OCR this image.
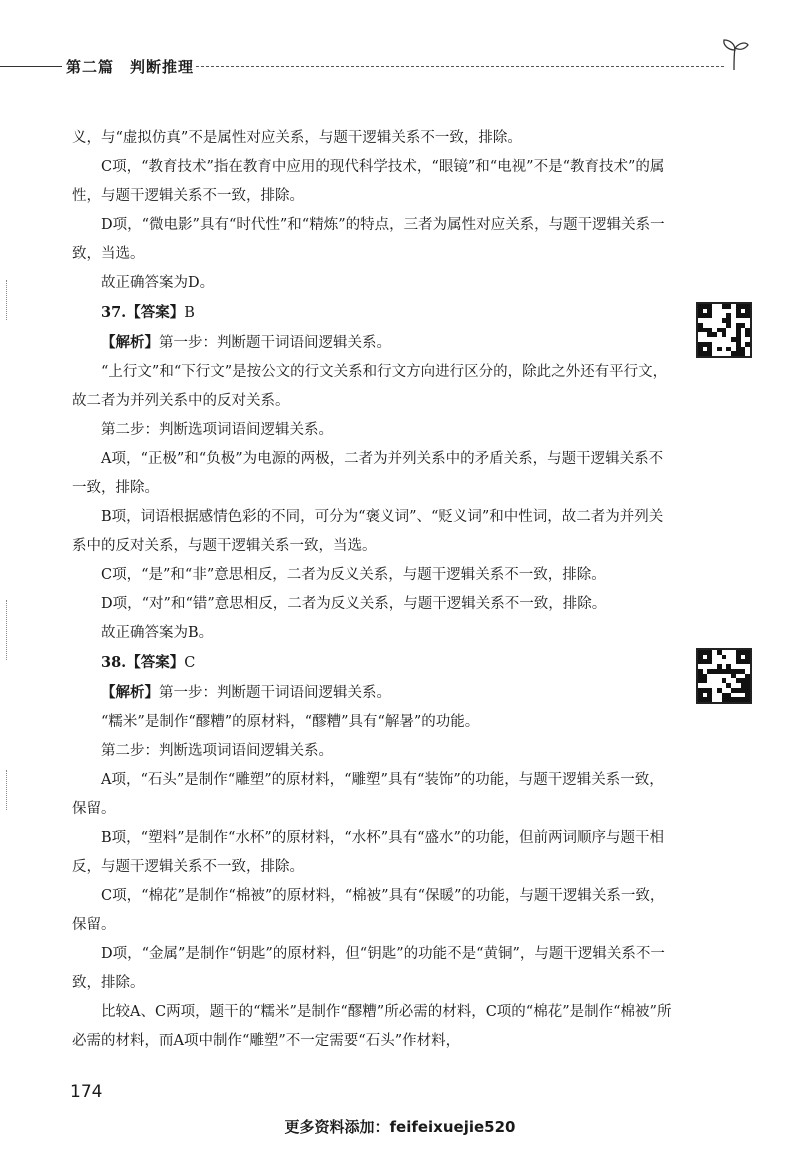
第二篇　判断推理

义，与“虚拟仿真”不是属性对应关系，与题干逻辑关系不一致，排除。

C项，“教育技术”指在教育中应用的现代科学技术，“眼镜”和“电视”不是“教育技术”的属性，与题干逻辑关系不一致，排除。

D项，“微电影”具有“时代性”和“精炼”的特点，三者为属性对应关系，与题干逻辑关系一致，当选。

故正确答案为D。

37.【答案】B

【解析】第一步：判断题干词语间逻辑关系。

“上行文”和“下行文”是按公文的行文关系和行文方向进行区分的，除此之外还有平行文，故二者为并列关系中的反对关系。

第二步：判断选项词语间逻辑关系。

A项，“正极”和“负极”为电源的两极，二者为并列关系中的矛盾关系，与题干逻辑关系不一致，排除。

B项，词语根据感情色彩的不同，可分为“褒义词”、“贬义词”和中性词，故二者为并列关系中的反对关系，与题干逻辑关系一致，当选。

C项，“是”和“非”意思相反，二者为反义关系，与题干逻辑关系不一致，排除。

D项，“对”和“错”意思相反，二者为反义关系，与题干逻辑关系不一致，排除。

故正确答案为B。

38.【答案】C

【解析】第一步：判断题干词语间逻辑关系。

“糯米”是制作“醪糟”的原材料，“醪糟”具有“解暑”的功能。

第二步：判断选项词语间逻辑关系。

A项，“石头”是制作“雕塑”的原材料，“雕塑”具有“装饰”的功能，与题干逻辑关系一致，保留。

B项，“塑料”是制作“水杯”的原材料，“水杯”具有“盛水”的功能，但前两词顺序与题干相反，与题干逻辑关系不一致，排除。

C项，“棉花”是制作“棉被”的原材料，“棉被”具有“保暖”的功能，与题干逻辑关系一致，保留。

D项，“金属”是制作“钥匙”的原材料，但“钥匙”的功能不是“黄铜”，与题干逻辑关系不一致，排除。

比较A、C两项，题干的“糯米”是制作“醪糟”所必需的材料，C项的“棉花”是制作“棉被”所必需的材料，而A项中制作“雕塑”不一定需要“石头”作材料，

174
更多资料添加：feifeixuejie520
